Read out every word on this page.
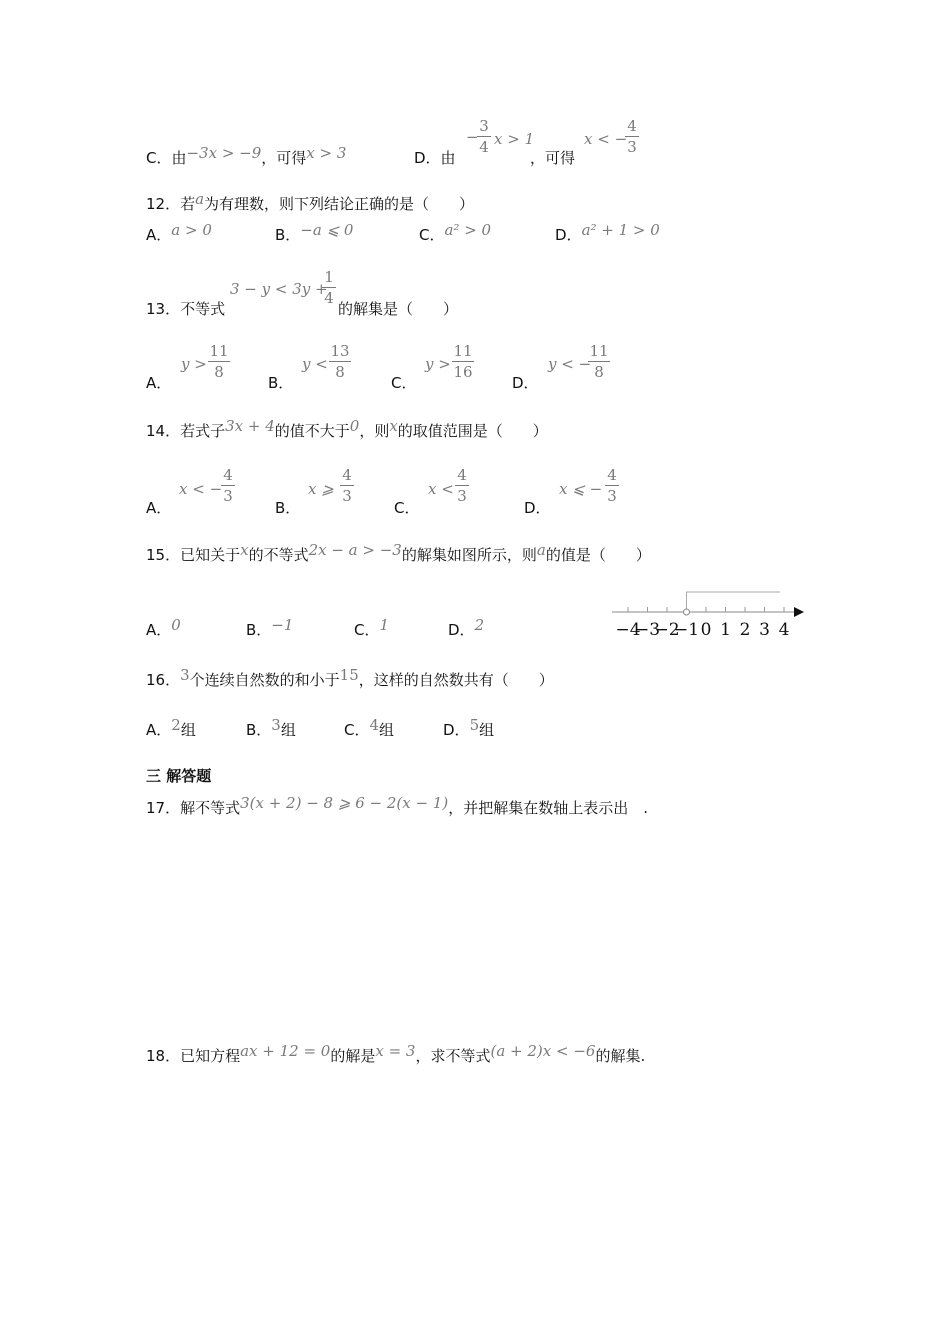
C．由−3x > −9，可得x > 3	D．由
−
3
4 x > 1
，可得
x < −
4
3
12．若a为有理数，则下列结论正确的是（　　）
A．a > 0	B．−a ⩽ 0	C．a² > 0	D．a² + 1 > 0
13．不等式
3 − y < 3y +
1
4
的解集是（　　）
A．
y >
11
8
B．
y <
13
8
C．
y >
11
16
D．
y < −
11
8
14．若式子3x + 4的值不大于0，则x的取值范围是（　　）
A．
x < −
4
3
B．
x ⩾
4
3
C．
x <
4
3
D．
x ⩽ −
4
3
15．已知关于x的不等式2x − a > −3的解集如图所示，则a的值是（　　）
A．0	B．−1	C．1	D．2	−4
−3
−2
−1 0 1 2 3 4
16．3个连续自然数的和小于15，这样的自然数共有（　　）
A．2组	B．3组	C．4组	D．5组
三 解答题
17．解不等式3(x + 2) − 8 ⩾ 6 − 2(x − 1)，并把解集在数轴上表示出　.
18．已知方程ax + 12 = 0的解是x = 3，求不等式(a + 2)x < −6的解集.
